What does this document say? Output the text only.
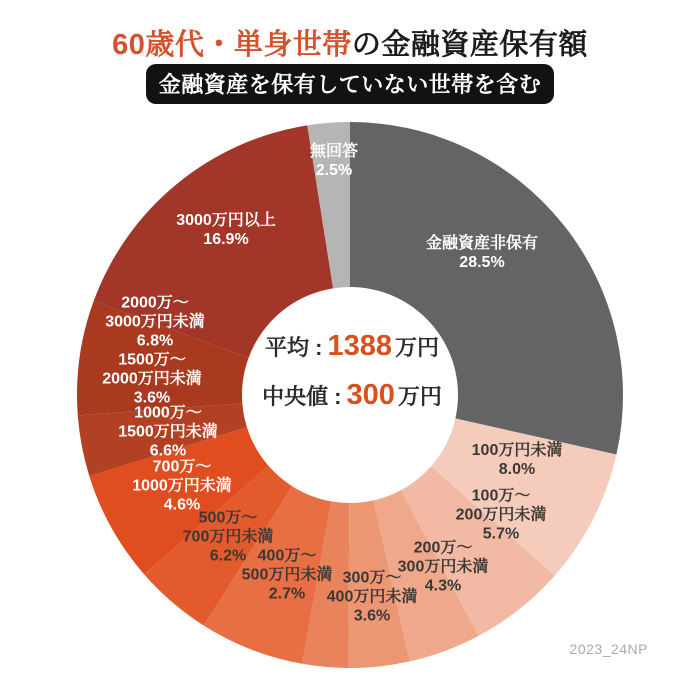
60歳代・単身世帯の金融資産保有額
金融資産を保有していない世帯を含む
金融資産非保有
28.5%
100万円未満
8.0%
100万～
200万円未満
5.7%
200万～
300万円未満
4.3%
300万～
400万円未満
3.6%
400万～
500万円未満
2.7%
500万～
700万円未満
6.2%
700万～
1000万円未満
4.6%
1000万～
1500万円未満
6.6%
1500万～
2000万円未満
3.6%
2000万～
3000万円未満
6.8%
3000万円以上
16.9%
無回答
2.5%
平均 : 1388 万円
中央値 : 300 万円
2023_24NP
